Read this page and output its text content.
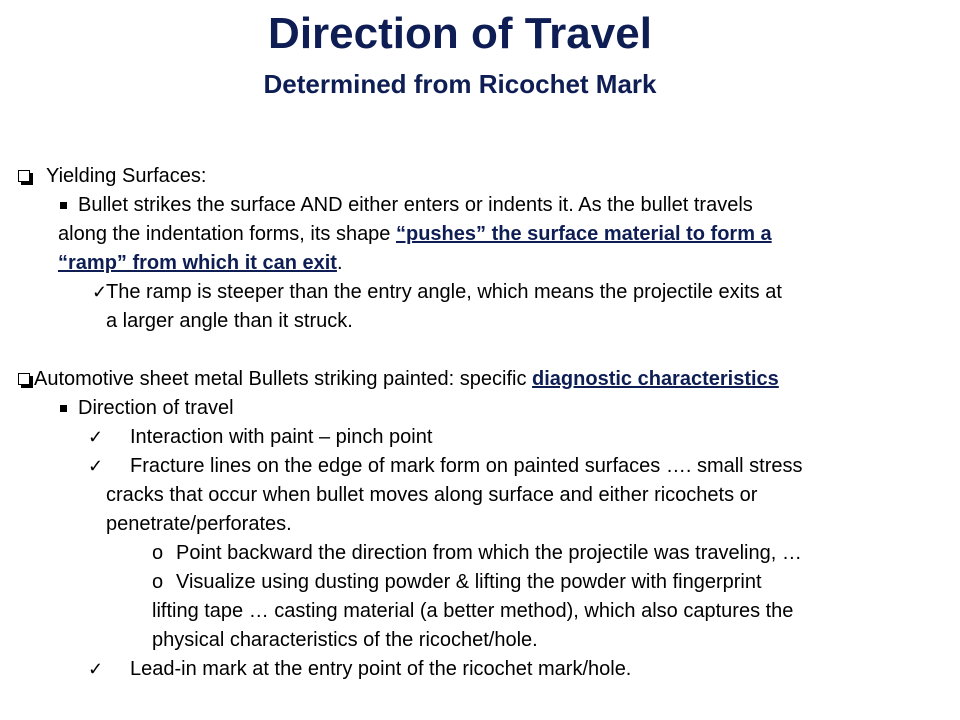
Direction of Travel
Determined from Ricochet Mark
Yielding Surfaces:
Bullet strikes the surface AND either enters or indents it. As the bullet travels
along the indentation forms, its shape “pushes” the surface material to form a
“ramp” from which it can exit.
✓
The ramp is steeper than the entry angle, which means the projectile exits at
a larger angle than it struck.
Automotive sheet metal Bullets striking painted: specific diagnostic characteristics
Direction of travel
✓ Interaction with paint – pinch point
✓ Fracture lines on the edge of mark form on painted surfaces …. small stress
cracks that occur when bullet moves along surface and either ricochets or
penetrate/perforates.
o Point backward the direction from which the projectile was traveling, …
o Visualize using dusting powder & lifting the powder with fingerprint
lifting tape … casting material (a better method), which also captures the
physical characteristics of the ricochet/hole.
✓ Lead-in mark at the entry point of the ricochet mark/hole.
